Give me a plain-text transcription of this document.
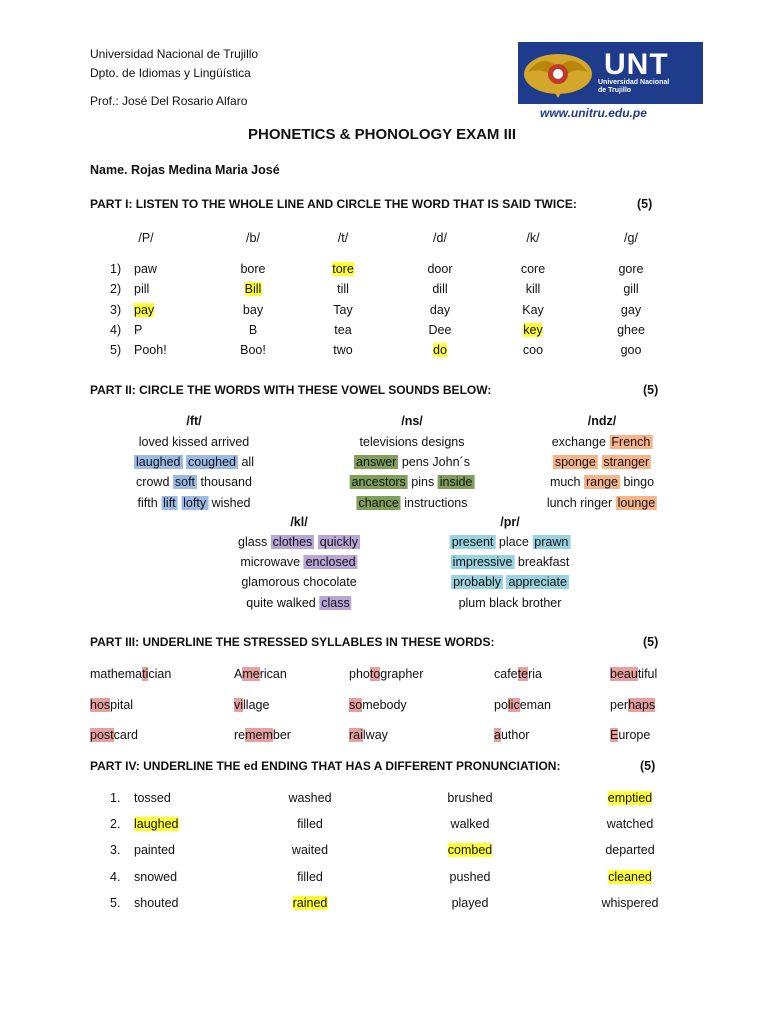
Universidad Nacional de Trujillo
Dpto. de Idiomas y Lingüística
Prof.: José Del Rosario Alfaro
UNT
Universidad Nacional
de Trujillo
www.unitru.edu.pe
PHONETICS & PHONOLOGY EXAM III
Name. Rojas Medina Maria José
PART I: LISTEN TO THE WHOLE LINE AND CIRCLE THE WORD THAT IS SAID TWICE:	(5)
/P/	/b/	/t/	/d/	/k/	/g/
1) paw	bore	tore	door	core	gore
2) pill	Bill	till	dill	kill	gill
3) pay	bay	Tay	day	Kay	gay
4) P	B	tea	Dee	key	ghee
5) Pooh!	Boo!	two	do	coo	goo
PART II: CIRCLE THE WORDS WITH THESE VOWEL SOUNDS BELOW:	(5)
/ft/
loved kissed arrived
laughed coughed all
crowd soft thousand
fifth lift lofty wished
/ns/
televisions designs
answer pens John´s
ancestors pins inside
chance instructions
/ndz/
exchange French
sponge stranger
much range bingo
lunch ringer lounge
/kl/
glass clothes quickly
microwave enclosed
glamorous chocolate
quite walked class
/pr/
present place prawn
impressive breakfast
probably appreciate
plum black brother
PART III: UNDERLINE THE STRESSED SYLLABLES IN THESE WORDS:	(5)
mathematician	American	photographer	cafeteria	beautiful
hospital	village	somebody	policeman	perhaps
postcard	remember	railway	author	Europe
PART IV: UNDERLINE THE ed ENDING THAT HAS A DIFFERENT PRONUNCIATION:	(5)
1. tossed	washed	brushed	emptied
2. laughed	filled	walked	watched
3. painted	waited	combed	departed
4. snowed	filled	pushed	cleaned
5. shouted	rained	played	whispered
